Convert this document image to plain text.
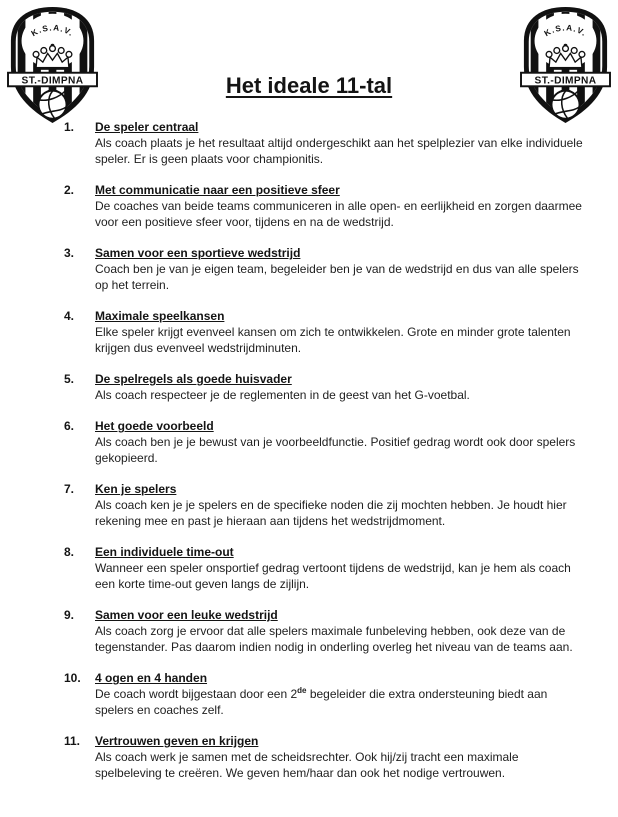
Het ideale 11-tal
1.	De speler centraal
Als coach plaats je het resultaat altijd ondergeschikt aan het spelplezier van elke individuele speler. Er is geen plaats voor championitis.
2.	Met communicatie naar een positieve sfeer
De coaches van beide teams communiceren in alle open- en eerlijkheid en zorgen daarmee voor een positieve sfeer voor, tijdens en na de wedstrijd.
3.	Samen voor een sportieve wedstrijd
Coach ben je van je eigen team, begeleider ben je van de wedstrijd en dus van alle spelers op het terrein.
4.	Maximale speelkansen
Elke speler krijgt evenveel kansen om zich te ontwikkelen. Grote en minder grote talenten krijgen dus evenveel wedstrijdminuten.
5.	De spelregels als goede huisvader
Als coach respecteer je de reglementen in de geest van het G-voetbal.
6.	Het goede voorbeeld
Als coach ben je je bewust van je voorbeeldfunctie. Positief gedrag wordt ook door spelers gekopieerd.
7.	Ken je spelers
Als coach ken je je spelers en de specifieke noden die zij mochten hebben. Je houdt hier rekening mee en past je hieraan aan tijdens het wedstrijdmoment.
8.	Een individuele time-out
Wanneer een speler onsportief gedrag vertoont tijdens de wedstrijd, kan je hem als coach een korte time-out geven langs de zijlijn.
9.	Samen voor een leuke wedstrijd
Als coach zorg je ervoor dat alle spelers maximale funbeleving hebben, ook deze van de tegenstander. Pas daarom indien nodig in onderling overleg het niveau van de teams aan.
10.	4 ogen en 4 handen
De coach wordt bijgestaan door een 2de begeleider die extra ondersteuning biedt aan spelers en coaches zelf.
11.	Vertrouwen geven en krijgen
Als coach werk je samen met de scheidsrechter. Ook hij/zij tracht een maximale spelbeleving te creëren. We geven hem/haar dan ook het nodige vertrouwen.
